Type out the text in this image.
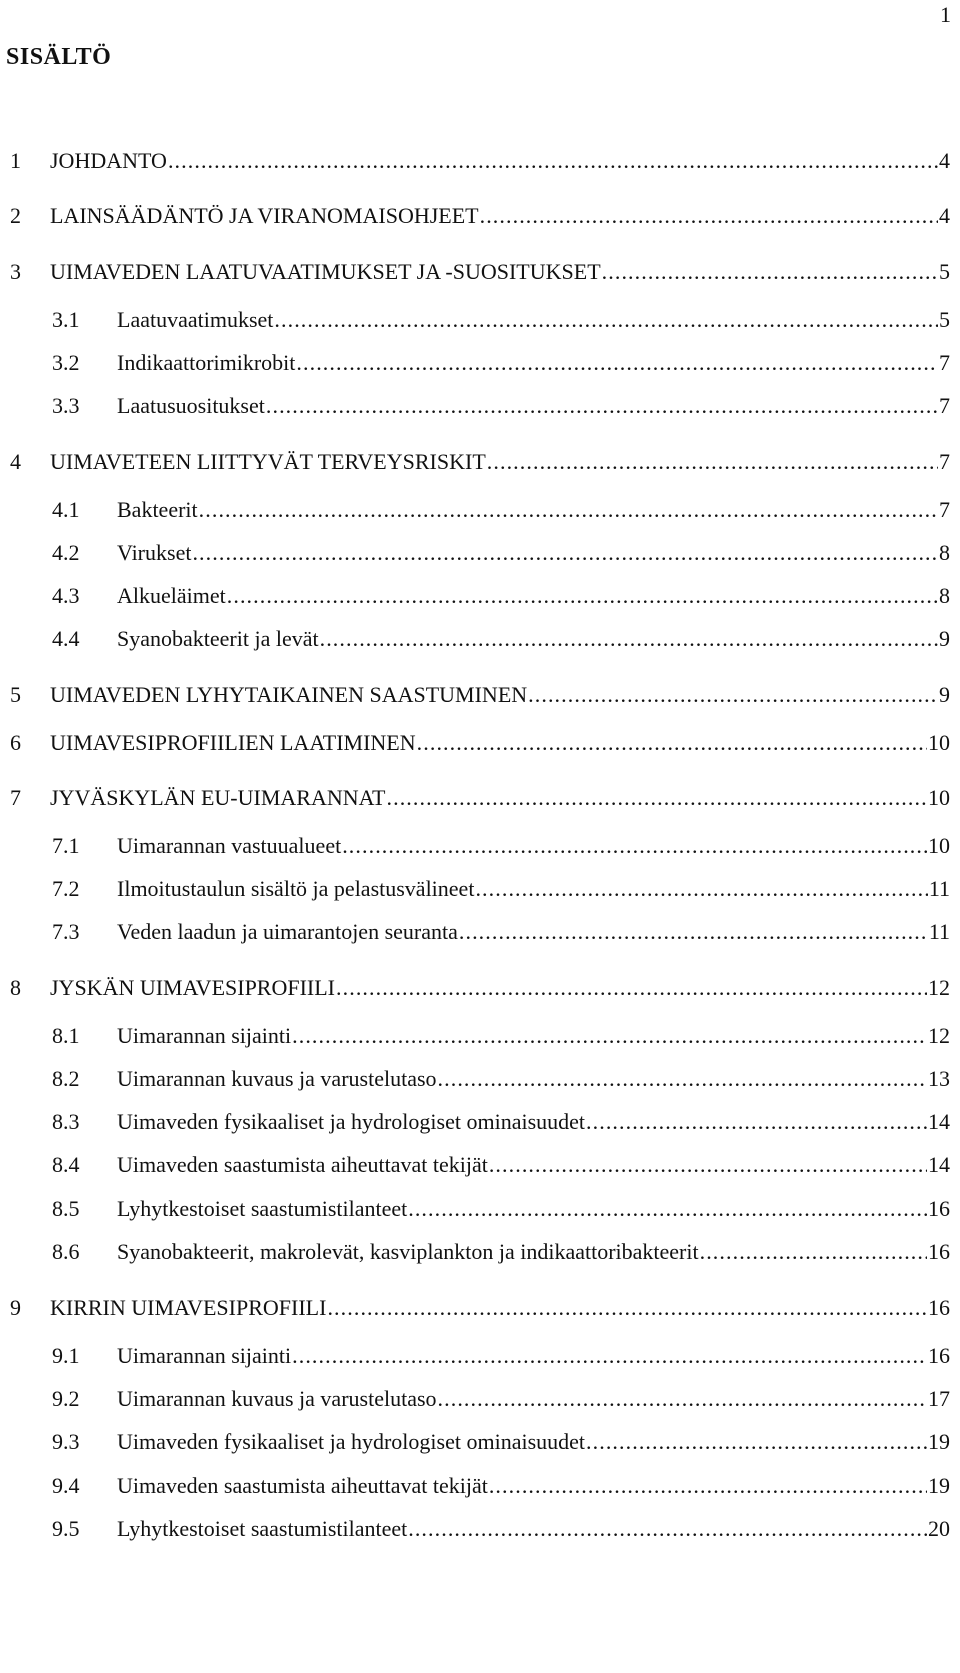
1
SISÄLTÖ
1	JOHDANTO . . .	4
2	LAINSÄÄDÄNTÖ JA VIRANOMAISOHJEET . . .	4
3	UIMAVEDEN LAATUVAATIMUKSET JA -SUOSITUKSET . . .	5
3.1	Laatuvaatimukset . . .	5
3.2	Indikaattorimikrobit . . .	7
3.3	Laatusuositukset . . .	7
4	UIMAVETEEN LIITTYVÄT TERVEYSRISKIT . . .	7
4.1	Bakteerit . . .	7
4.2	Virukset . . .	8
4.3	Alkueläimet . . .	8
4.4	Syanobakteerit ja levät . . .	9
5	UIMAVEDEN LYHYTAIKAINEN SAASTUMINEN . . .	9
6	UIMAVESIPROFIILIEN LAATIMINEN . . .	10
7	JYVÄSKYLÄN EU-UIMARANNAT . . .	10
7.1	Uimarannan vastuualueet . . .	10
7.2	Ilmoitustaulun sisältö ja pelastusvälineet . . .	11
7.3	Veden laadun ja uimarantojen seuranta . . .	11
8	JYSKÄN UIMAVESIPROFIILI . . .	12
8.1	Uimarannan sijainti . . .	12
8.2	Uimarannan kuvaus ja varustelutaso . . .	13
8.3	Uimaveden fysikaaliset ja hydrologiset ominaisuudet . . .	14
8.4	Uimaveden saastumista aiheuttavat tekijät . . .	14
8.5	Lyhytkestoiset saastumistilanteet . . .	16
8.6	Syanobakteerit, makrolevät, kasviplankton ja indikaattoribakteerit . . .	16
9	KIRRIN UIMAVESIPROFIILI . . .	16
9.1	Uimarannan sijainti . . .	16
9.2	Uimarannan kuvaus ja varustelutaso . . .	17
9.3	Uimaveden fysikaaliset ja hydrologiset ominaisuudet . . .	19
9.4	Uimaveden saastumista aiheuttavat tekijät . . .	19
9.5	Lyhytkestoiset saastumistilanteet . . .	20
